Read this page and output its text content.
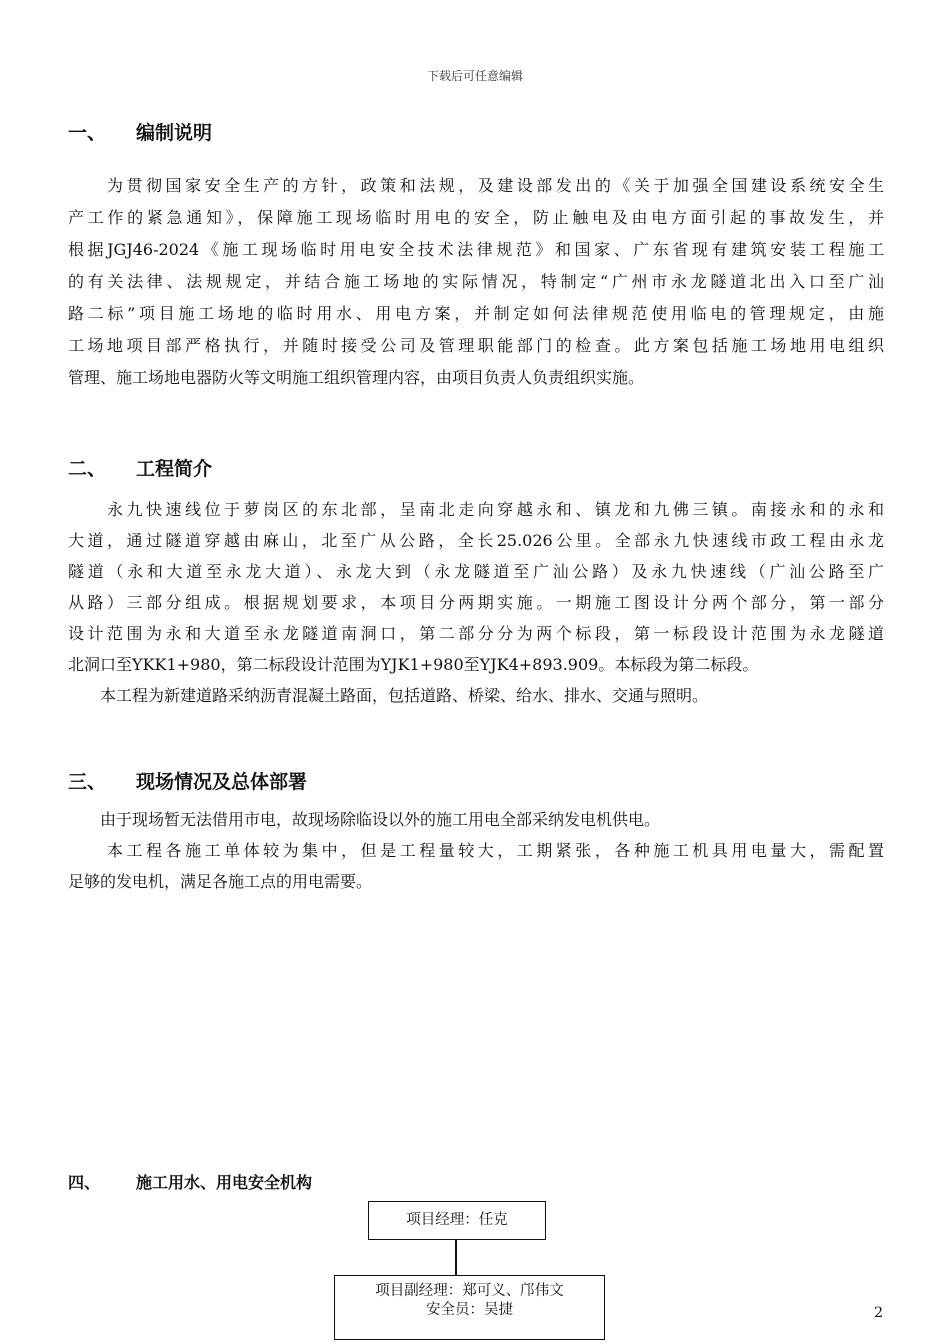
下载后可任意编辑
一、 编制说明
　　为贯彻国家安全生产的方针，政策和法规，及建设部发出的《关于加强全国建设系统安全生
产工作的紧急通知》，保障施工现场临时用电的安全，防止触电及由电方面引起的事故发生，并
根据JGJ46-2024《施工现场临时用电安全技术法律规范》和国家、广东省现有建筑安装工程施工
的有关法律、法规规定，并结合施工场地的实际情况，特制定“广州市永龙隧道北出入口至广汕
路二标”项目施工场地的临时用水、用电方案，并制定如何法律规范使用临电的管理规定，由施
工场地项目部严格执行，并随时接受公司及管理职能部门的检查。此方案包括施工场地用电组织
管理、施工场地电器防火等文明施工组织管理内容，由项目负责人负责组织实施。
二、 工程简介
　　永九快速线位于萝岗区的东北部，呈南北走向穿越永和、镇龙和九佛三镇。南接永和的永和
大道，通过隧道穿越由麻山，北至广从公路，全长25.026公里。全部永九快速线市政工程由永龙
隧道（永和大道至永龙大道）、永龙大到（永龙隧道至广汕公路）及永九快速线（广汕公路至广
从路）三部分组成。根据规划要求，本项目分两期实施。一期施工图设计分两个部分，第一部分
设计范围为永和大道至永龙隧道南洞口，第二部分分为两个标段，第一标段设计范围为永龙隧道
北洞口至YKK1+980，第二标段设计范围为YJK1+980至YJK4+893.909。本标段为第二标段。
　　本工程为新建道路采纳沥青混凝土路面，包括道路、桥梁、给水、排水、交通与照明。
三、 现场情况及总体部署
　　由于现场暂无法借用市电，故现场除临设以外的施工用电全部采纳发电机供电。
　　本工程各施工单体较为集中，但是工程量较大，工期紧张，各种施工机具用电量大，需配置
足够的发电机，满足各施工点的用电需要。
四、 施工用水、用电安全机构
项目经理：任克
项目副经理：郑可义、邝伟文
安全员：吴捷	2
